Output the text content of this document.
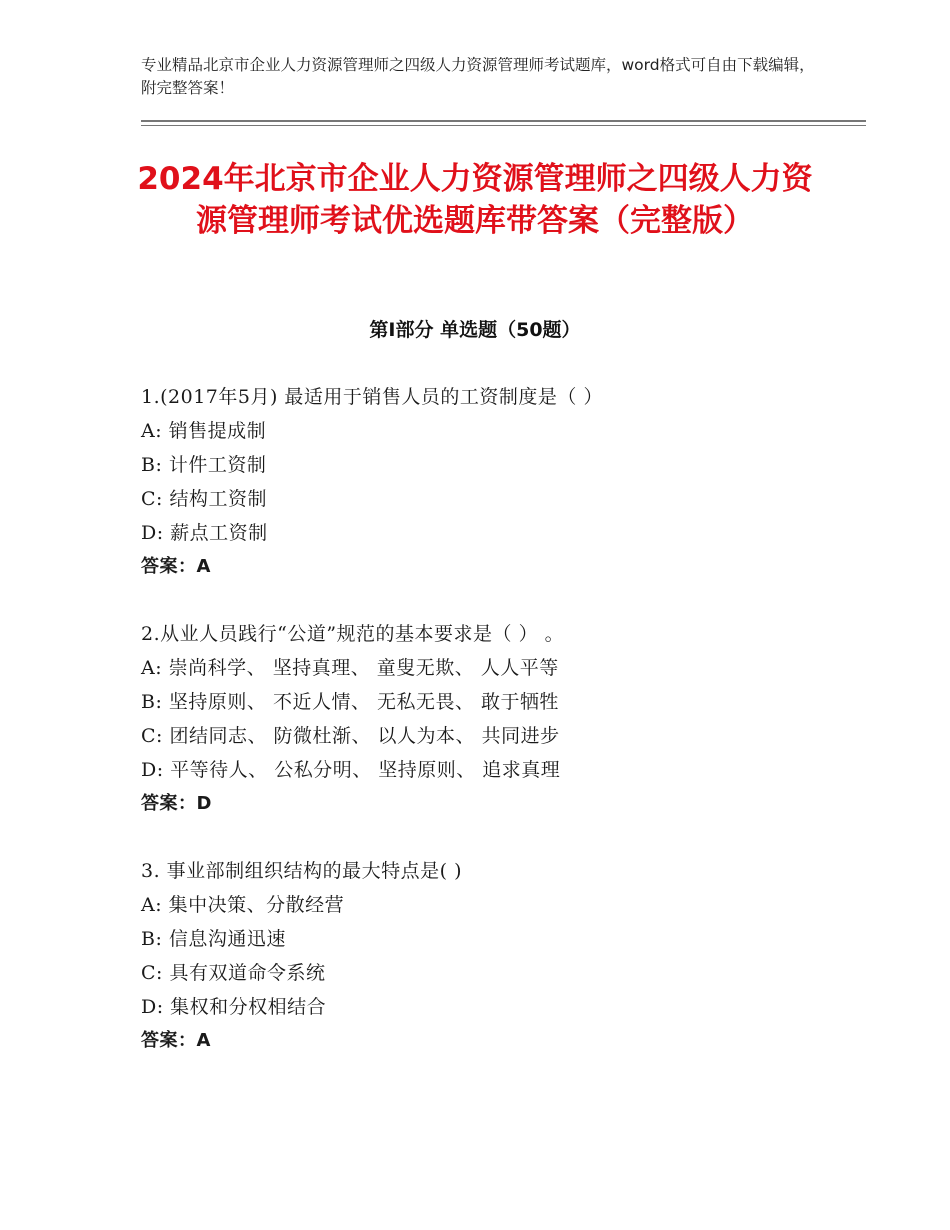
专业精品北京市企业人力资源管理师之四级人力资源管理师考试题库，word格式可自由下载编辑，附完整答案！
2024年北京市企业人力资源管理师之四级人力资源管理师考试优选题库带答案（完整版）
第Ⅰ部分 单选题（50题）
1.(2017年5月) 最适用于销售人员的工资制度是（ ）
A: 销售提成制
B: 计件工资制
C: 结构工资制
D: 薪点工资制
答案：A
2.从业人员践行“公道”规范的基本要求是（ ） 。
A: 崇尚科学、 坚持真理、 童叟无欺、 人人平等
B: 坚持原则、 不近人情、 无私无畏、 敢于牺牲
C: 团结同志、 防微杜渐、 以人为本、 共同进步
D: 平等待人、 公私分明、 坚持原则、 追求真理
答案：D
3. 事业部制组织结构的最大特点是( )
A: 集中决策、分散经营
B: 信息沟通迅速
C: 具有双道命令系统
D: 集权和分权相结合
答案：A
